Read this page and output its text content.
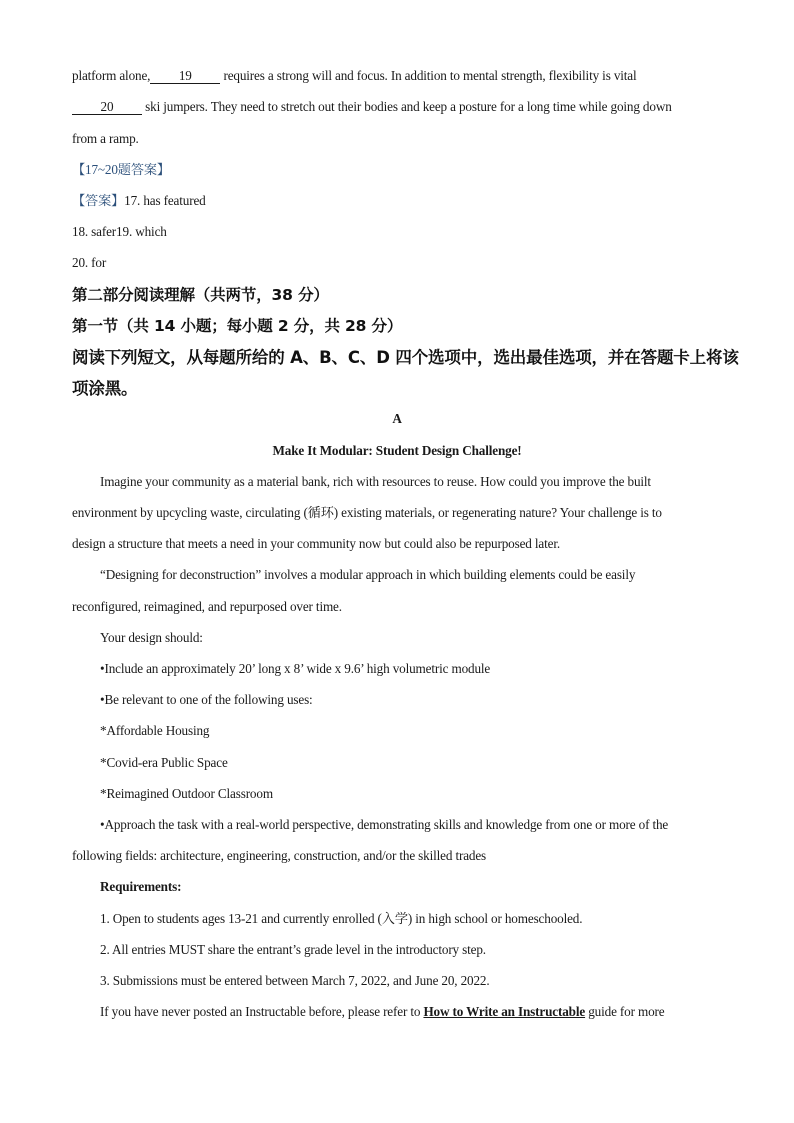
platform alone, 19 requires a strong will and focus. In addition to mental strength, flexibility is vital
20 ski jumpers. They need to stretch out their bodies and keep a posture for a long time while going down
from a ramp.
【17~20题答案】
【答案】17. has featured
18. safer19. which
20. for
第二部分阅读理解（共两节，38 分）
第一节（共 14 小题；每小题 2 分，共 28 分）
阅读下列短文，从每题所给的 A、B、C、D 四个选项中，选出最佳选项，并在答题卡上将该
项涂黑。
A
Make It Modular: Student Design Challenge!
Imagine your community as a material bank, rich with resources to reuse. How could you improve the built
environment by upcycling waste, circulating (循环) existing materials, or regenerating nature? Your challenge is to
design a structure that meets a need in your community now but could also be repurposed later.
“Designing for deconstruction” involves a modular approach in which building elements could be easily
reconfigured, reimagined, and repurposed over time.
Your design should:
•Include an approximately 20’ long x 8’ wide x 9.6’ high volumetric module
•Be relevant to one of the following uses:
*Affordable Housing
*Covid-era Public Space
*Reimagined Outdoor Classroom
•Approach the task with a real-world perspective, demonstrating skills and knowledge from one or more of the
following fields: architecture, engineering, construction, and/or the skilled trades
Requirements:
1. Open to students ages 13-21 and currently enrolled (入学) in high school or homeschooled.
2. All entries MUST share the entrant’s grade level in the introductory step.
3. Submissions must be entered between March 7, 2022, and June 20, 2022.
If you have never posted an Instructable before, please refer to How to Write an Instructable guide for more
